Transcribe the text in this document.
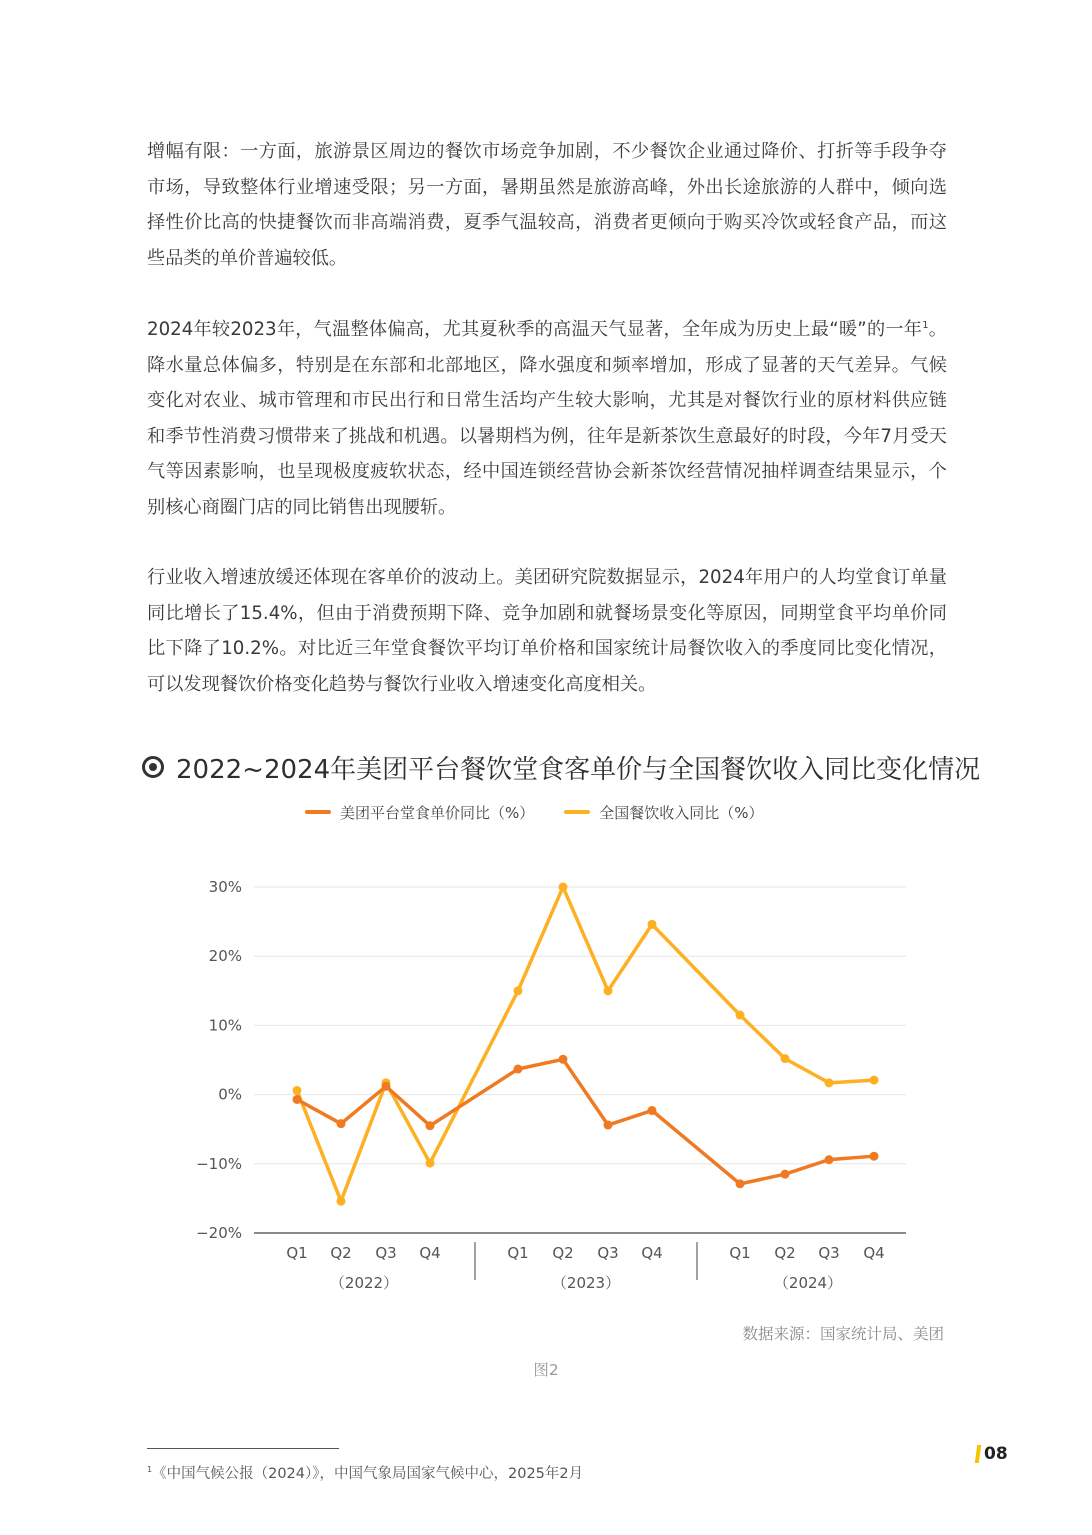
增幅有限：一方面，旅游景区周边的餐饮市场竞争加剧，不少餐饮企业通过降价、打折等手段争夺市场，导致整体行业增速受限；另一方面，暑期虽然是旅游高峰，外出长途旅游的人群中，倾向选择性价比高的快捷餐饮而非高端消费，夏季气温较高，消费者更倾向于购买冷饮或轻食产品，而这些品类的单价普遍较低。

2024年较2023年，气温整体偏高，尤其夏秋季的高温天气显著，全年成为历史上最“暖”的一年$^1$。降水量总体偏多，特别是在东部和北部地区，降水强度和频率增加，形成了显著的天气差异。气候变化对农业、城市管理和市民出行和日常生活均产生较大影响，尤其是对餐饮行业的原材料供应链和季节性消费习惯带来了挑战和机遇。以暑期档为例，往年是新茶饮生意最好的时段，今年7月受天气等因素影响，也呈现极度疲软状态，经中国连锁经营协会新茶饮经营情况抽样调查结果显示，个别核心商圈门店的同比销售出现腰斩。

行业收入增速放缓还体现在客单价的波动上。美团研究院数据显示，2024年用户的人均堂食订单量同比增长了15.4%，但由于消费预期下降、竞争加剧和就餐场景变化等原因，同期堂食平均单价同比下降了10.2%。对比近三年堂食餐饮平均订单价格和国家统计局餐饮收入的季度同比变化情况，可以发现餐饮价格变化趋势与餐饮行业收入增速变化高度相关。

2022~2024年美团平台餐饮堂食客单价与全国餐饮收入同比变化情况
美团平台堂食单价同比（%）	全国餐饮收入同比（%）
30%
20%
10%
0%
−10%
−20%
Q1 Q2 Q3 Q4	Q1 Q2 Q3 Q4	Q1 Q2 Q3 Q4
（2022）	（2023）	（2024）
数据来源：国家统计局、美团
图2
$^1$《中国气候公报（2024）》，中国气象局国家气候中心，2025年2月
08
